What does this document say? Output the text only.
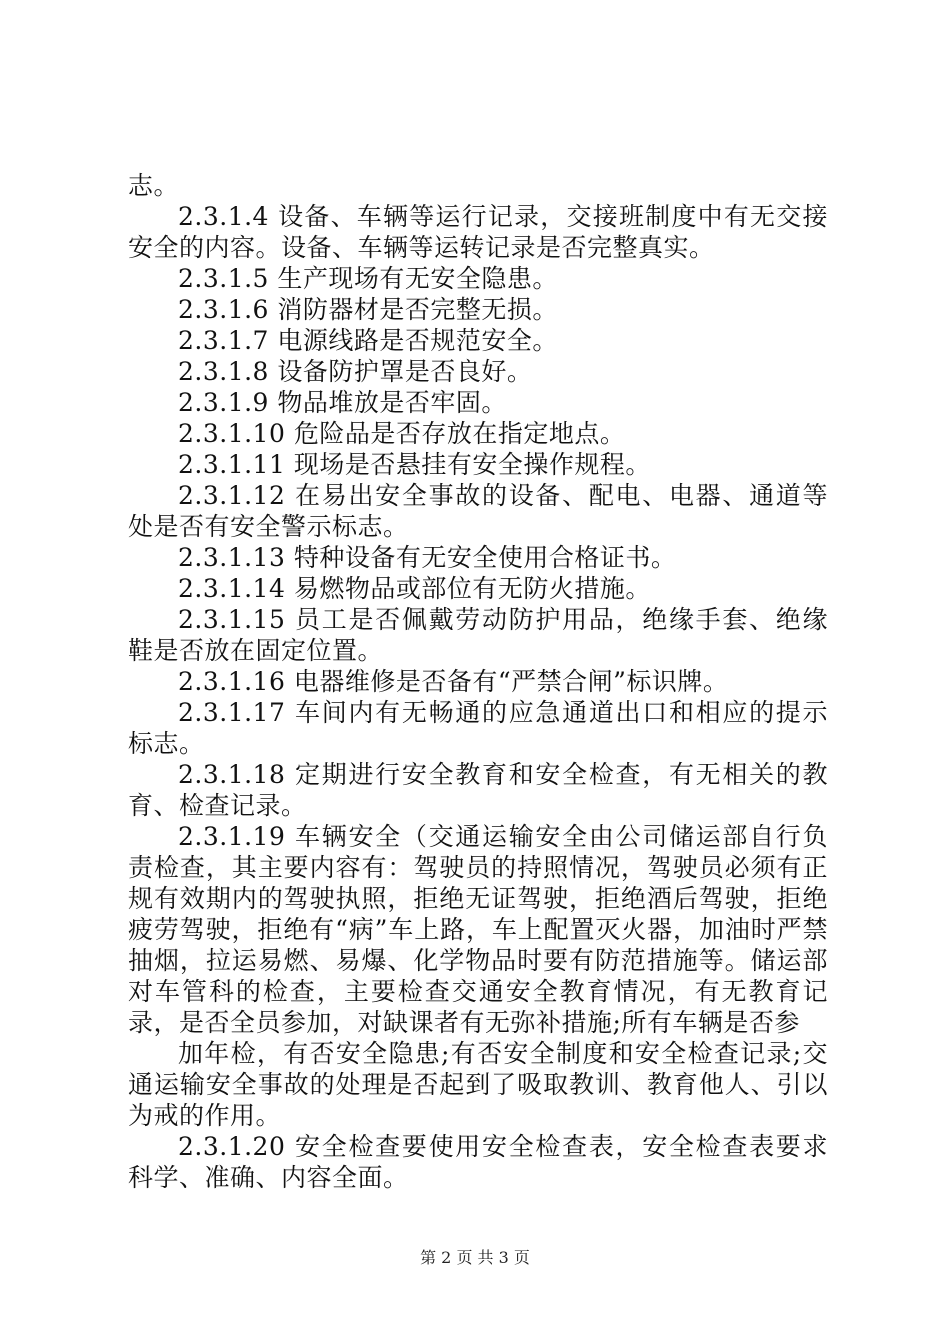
志。

2.3.1.4 设备、车辆等运行记录，交接班制度中有无交接安全的内容。设备、车辆等运转记录是否完整真实。

2.3.1.5 生产现场有无安全隐患。

2.3.1.6 消防器材是否完整无损。

2.3.1.7 电源线路是否规范安全。

2.3.1.8 设备防护罩是否良好。

2.3.1.9 物品堆放是否牢固。

2.3.1.10 危险品是否存放在指定地点。

2.3.1.11 现场是否悬挂有安全操作规程。

2.3.1.12 在易出安全事故的设备、配电、电器、通道等处是否有安全警示标志。

2.3.1.13 特种设备有无安全使用合格证书。

2.3.1.14 易燃物品或部位有无防火措施。

2.3.1.15 员工是否佩戴劳动防护用品，绝缘手套、绝缘鞋是否放在固定位置。

2.3.1.16 电器维修是否备有“严禁合闸”标识牌。

2.3.1.17 车间内有无畅通的应急通道出口和相应的提示标志。

2.3.1.18 定期进行安全教育和安全检查，有无相关的教育、检查记录。

2.3.1.19 车辆安全（交通运输安全由公司储运部自行负责检查，其主要内容有：驾驶员的持照情况，驾驶员必须有正规有效期内的驾驶执照，拒绝无证驾驶，拒绝酒后驾驶，拒绝疲劳驾驶，拒绝有“病”车上路，车上配置灭火器，加油时严禁抽烟，拉运易燃、易爆、化学物品时要有防范措施等。储运部对车管科的检查，主要检查交通安全教育情况，有无教育记录，是否全员参加，对缺课者有无弥补措施;所有车辆是否参

加年检，有否安全隐患;有否安全制度和安全检查记录;交通运输安全事故的处理是否起到了吸取教训、教育他人、引以为戒的作用。

2.3.1.20 安全检查要使用安全检查表，安全检查表要求科学、准确、内容全面。

第 2 页 共 3 页
